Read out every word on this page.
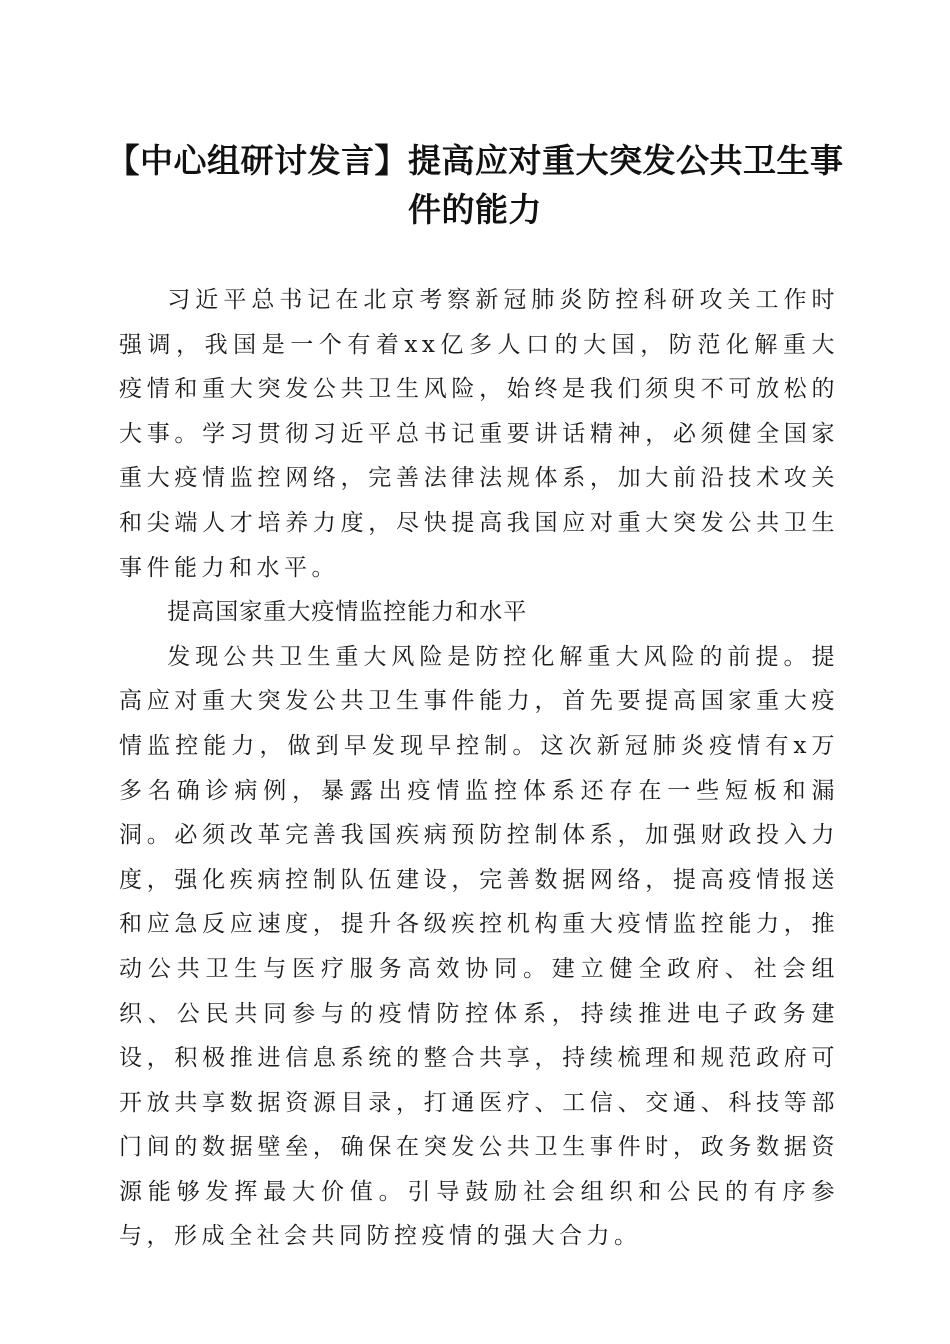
【中心组研讨发言】提高应对重大突发公共卫生事件的能力

习近平总书记在北京考察新冠肺炎防控科研攻关工作时强调，我国是一个有着xx亿多人口的大国，防范化解重大疫情和重大突发公共卫生风险，始终是我们须臾不可放松的大事。学习贯彻习近平总书记重要讲话精神，必须健全国家重大疫情监控网络，完善法律法规体系，加大前沿技术攻关和尖端人才培养力度，尽快提高我国应对重大突发公共卫生事件能力和水平。

提高国家重大疫情监控能力和水平

发现公共卫生重大风险是防控化解重大风险的前提。提高应对重大突发公共卫生事件能力，首先要提高国家重大疫情监控能力，做到早发现早控制。这次新冠肺炎疫情有x万多名确诊病例，暴露出疫情监控体系还存在一些短板和漏洞。必须改革完善我国疾病预防控制体系，加强财政投入力度，强化疾病控制队伍建设，完善数据网络，提高疫情报送和应急反应速度，提升各级疾控机构重大疫情监控能力，推动公共卫生与医疗服务高效协同。建立健全政府、社会组织、公民共同参与的疫情防控体系，持续推进电子政务建设，积极推进信息系统的整合共享，持续梳理和规范政府可开放共享数据资源目录，打通医疗、工信、交通、科技等部门间的数据壁垒，确保在突发公共卫生事件时，政务数据资源能够发挥最大价值。引导鼓励社会组织和公民的有序参与，形成全社会共同防控疫情的强大合力。
